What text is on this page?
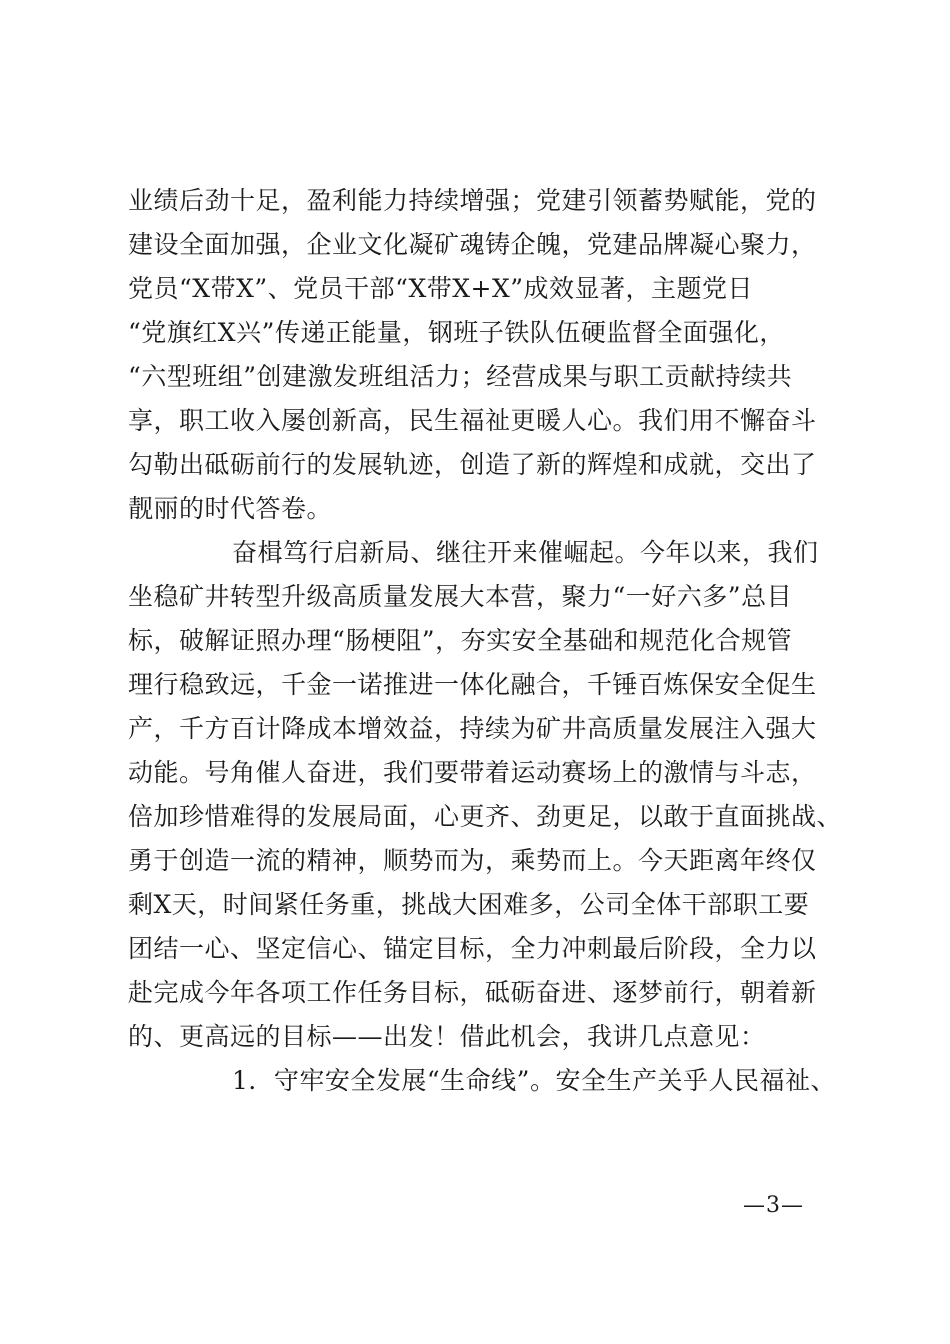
业绩后劲十足，盈利能力持续增强；党建引领蓄势赋能，党的
建设全面加强，企业文化凝矿魂铸企魄，党建品牌凝心聚力，
党员“X带X”、党员干部“X带X+X”成效显著，主题党日
“党旗红X兴”传递正能量，钢班子铁队伍硬监督全面强化，
“六型班组”创建激发班组活力；经营成果与职工贡献持续共
享，职工收入屡创新高，民生福祉更暖人心。我们用不懈奋斗
勾勒出砥砺前行的发展轨迹，创造了新的辉煌和成就，交出了
靓丽的时代答卷。
奋楫笃行启新局、继往开来催崛起。今年以来，我们
坐稳矿井转型升级高质量发展大本营，聚力“一好六多”总目
标，破解证照办理“肠梗阻”，夯实安全基础和规范化合规管
理行稳致远，千金一诺推进一体化融合，千锤百炼保安全促生
产，千方百计降成本增效益，持续为矿井高质量发展注入强大
动能。号角催人奋进，我们要带着运动赛场上的激情与斗志，
倍加珍惜难得的发展局面，心更齐、劲更足，以敢于直面挑战、
勇于创造一流的精神，顺势而为，乘势而上。今天距离年终仅
剩X天，时间紧任务重，挑战大困难多，公司全体干部职工要
团结一心、坚定信心、锚定目标，全力冲刺最后阶段，全力以
赴完成今年各项工作任务目标，砥砺奋进、逐梦前行，朝着新
的、更高远的目标——出发！借此机会，我讲几点意见：
1．守牢安全发展“生命线”。安全生产关乎人民福祉、
—3—
